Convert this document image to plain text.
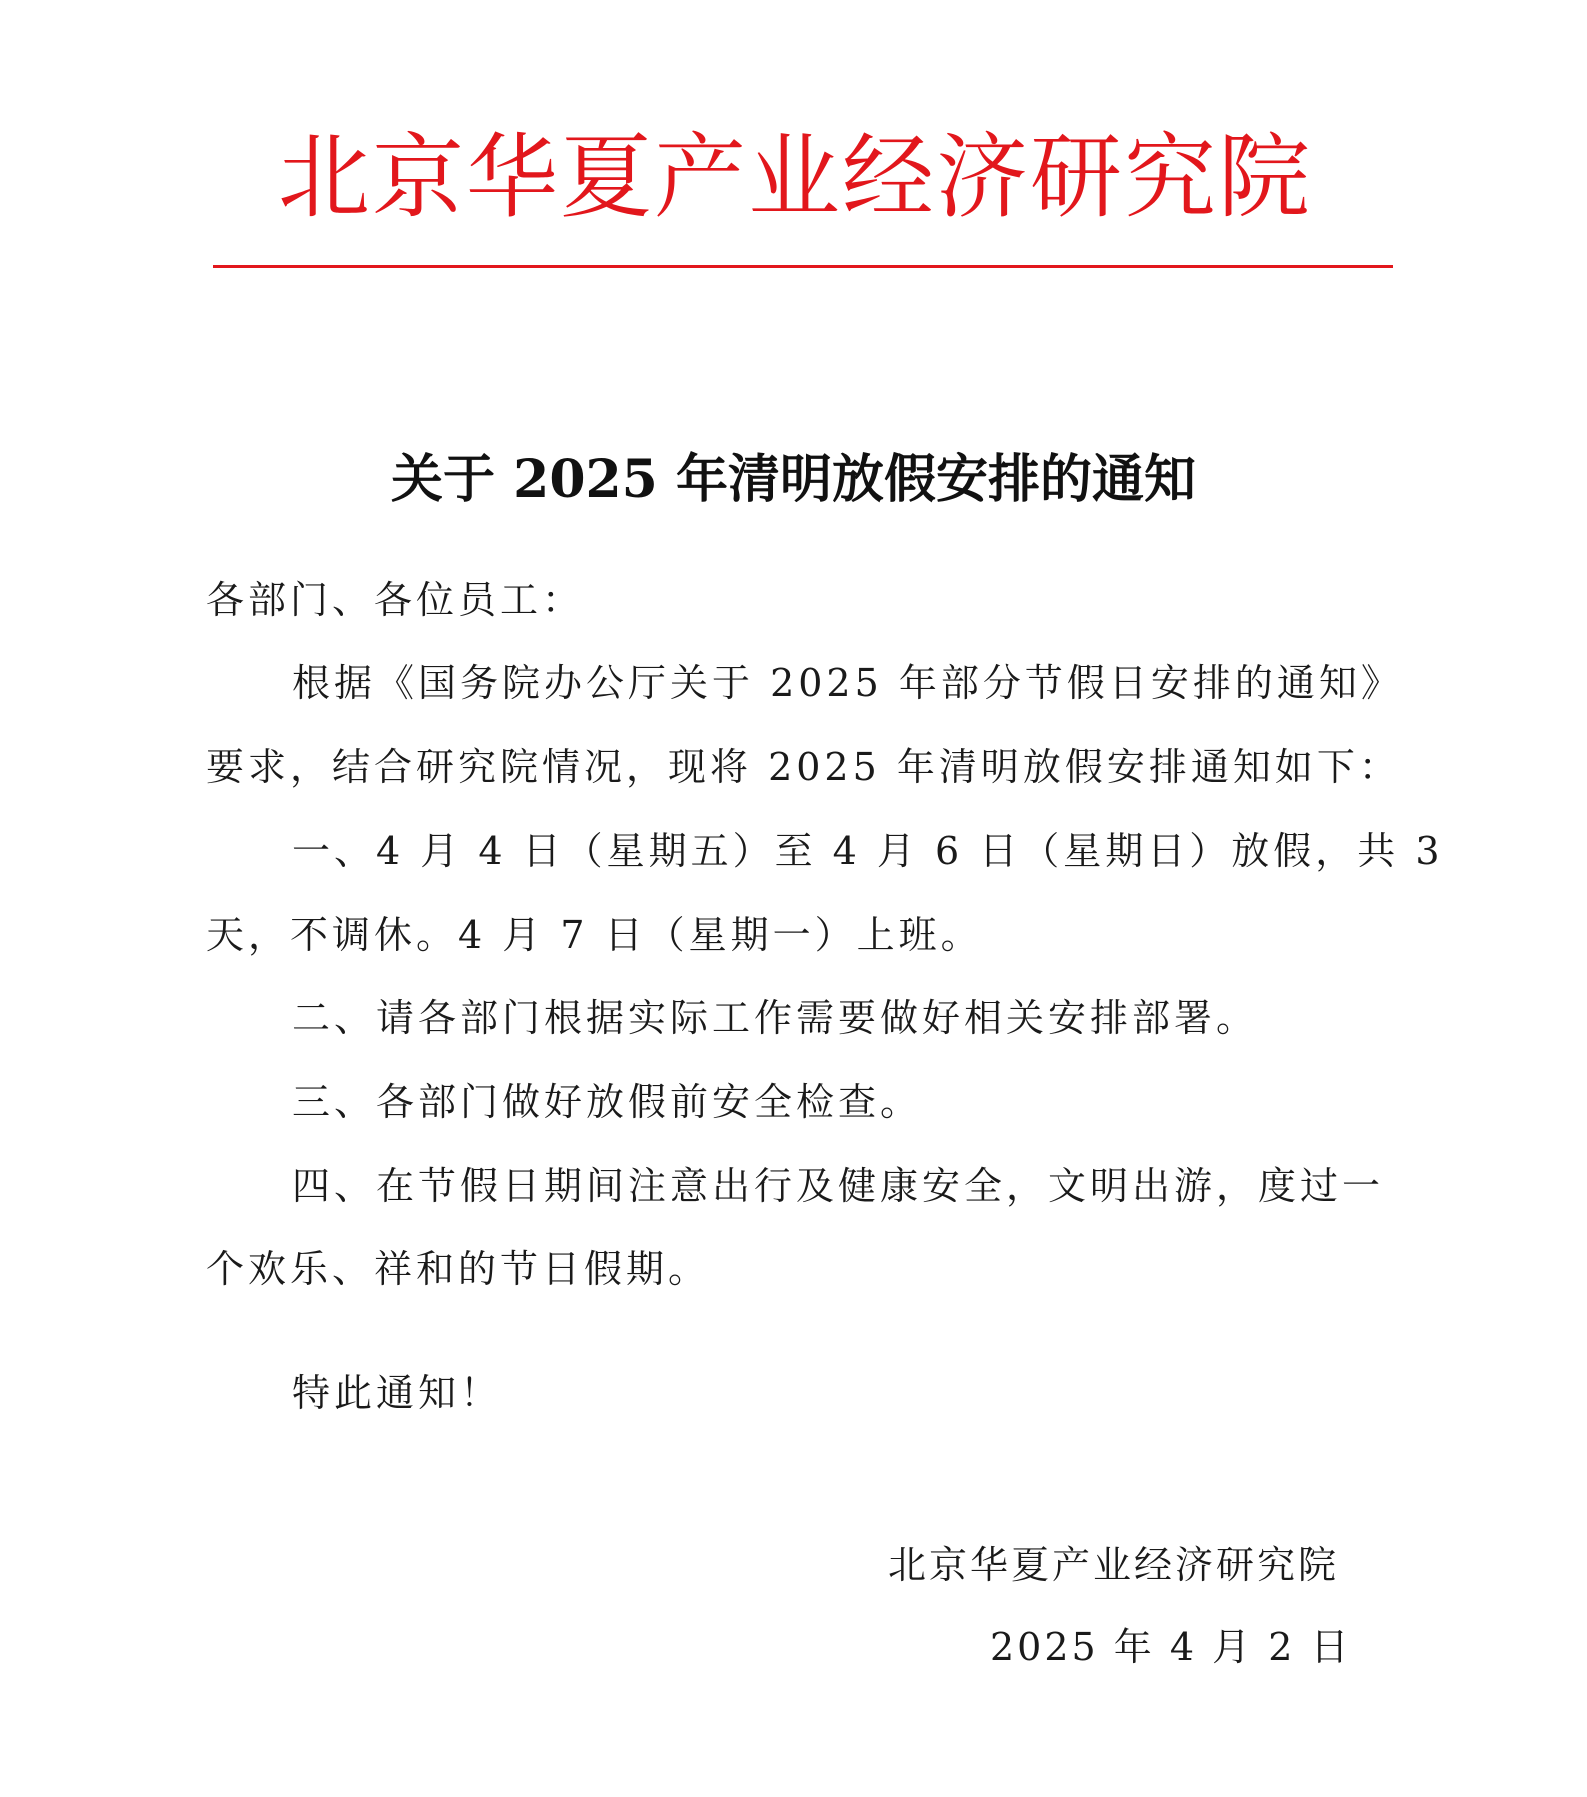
北京华夏产业经济研究院
关于 2025 年清明放假安排的通知
各部门、各位员工：
根据《国务院办公厅关于 2025 年部分节假日安排的通知》
要求，结合研究院情况，现将 2025 年清明放假安排通知如下：
一、4 月 4 日（星期五）至 4 月 6 日（星期日）放假，共 3
天，不调休。4 月 7 日（星期一）上班。
二、请各部门根据实际工作需要做好相关安排部署。
三、各部门做好放假前安全检查。
四、在节假日期间注意出行及健康安全，文明出游，度过一
个欢乐、祥和的节日假期。
特此通知！
北京华夏产业经济研究院
2025 年 4 月 2 日
